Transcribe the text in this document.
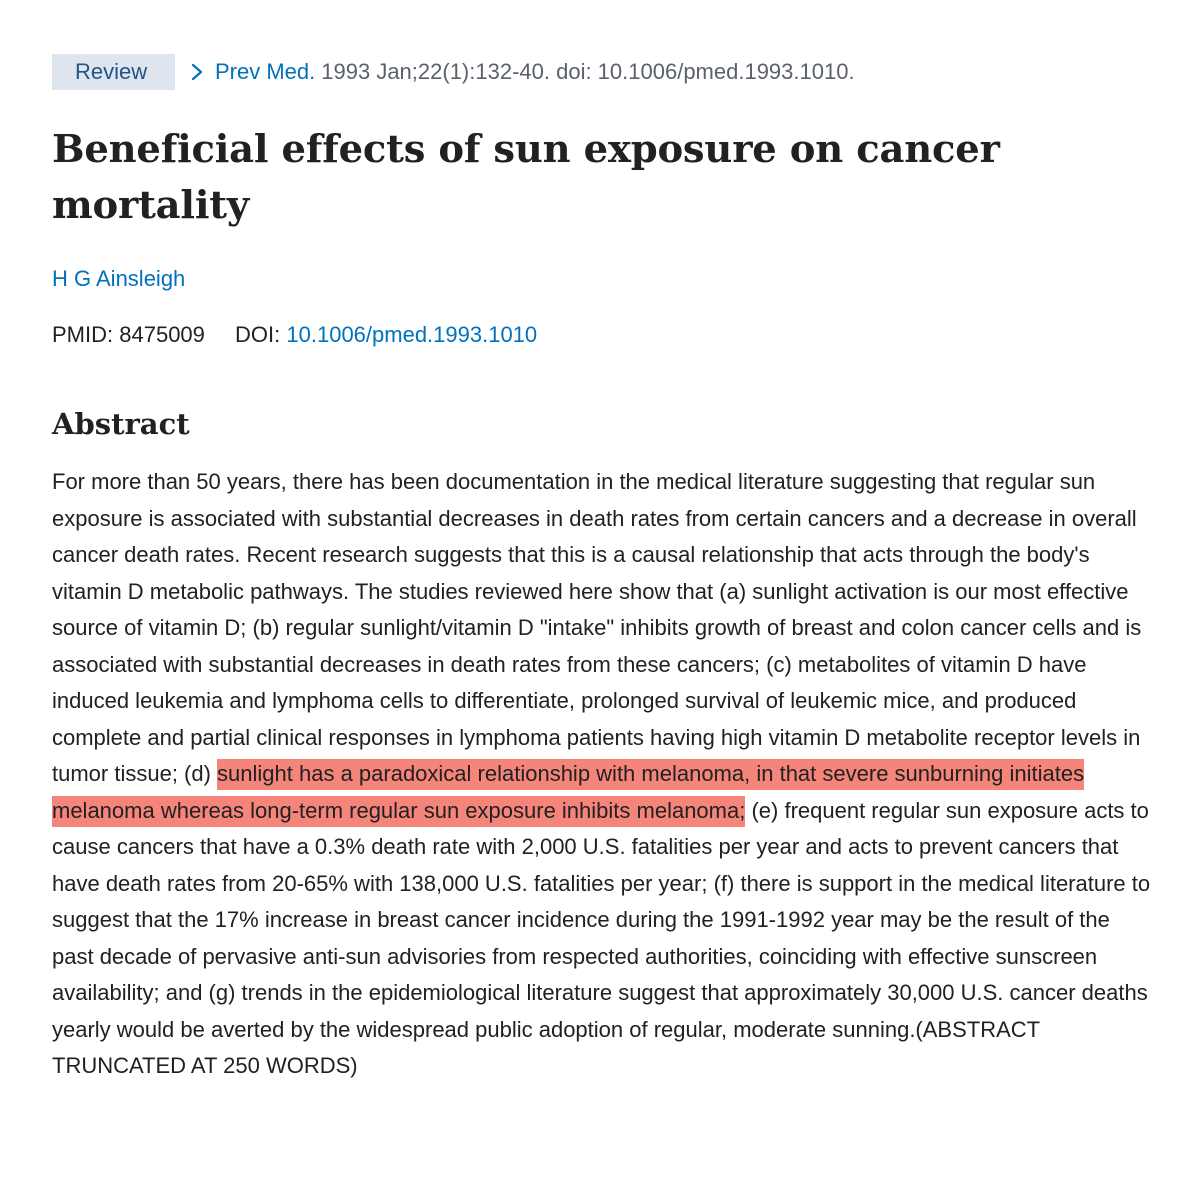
Review	Prev Med. 1993 Jan;22(1):132-40. doi: 10.1006/pmed.1993.1010.
Beneficial effects of sun exposure on cancer mortality
H G Ainsleigh
PMID: 8475009 DOI: 10.1006/pmed.1993.1010
Abstract

For more than 50 years, there has been documentation in the medical literature suggesting that regular sun exposure is associated with substantial decreases in death rates from certain cancers and a decrease in overall cancer death rates. Recent research suggests that this is a causal relationship that acts through the body's vitamin D metabolic pathways. The studies reviewed here show that (a) sunlight activation is our most effective source of vitamin D; (b) regular sunlight/vitamin D "intake" inhibits growth of breast and colon cancer cells and is associated with substantial decreases in death rates from these cancers; (c) metabolites of vitamin D have induced leukemia and lymphoma cells to differentiate, prolonged survival of leukemic mice, and produced complete and partial clinical responses in lymphoma patients having high vitamin D metabolite receptor levels in tumor tissue; (d) sunlight has a paradoxical relationship with melanoma, in that severe sunburning initiates melanoma whereas long-term regular sun exposure inhibits melanoma; (e) frequent regular sun exposure acts to cause cancers that have a 0.3% death rate with 2,000 U.S. fatalities per year and acts to prevent cancers that have death rates from 20-65% with 138,000 U.S. fatalities per year; (f) there is support in the medical literature to suggest that the 17% increase in breast cancer incidence during the 1991-1992 year may be the result of the past decade of pervasive anti-sun advisories from respected authorities, coinciding with effective sunscreen availability; and (g) trends in the epidemiological literature suggest that approximately 30,000 U.S. cancer deaths yearly would be averted by the widespread public adoption of regular, moderate sunning.(ABSTRACT TRUNCATED AT 250 WORDS)
